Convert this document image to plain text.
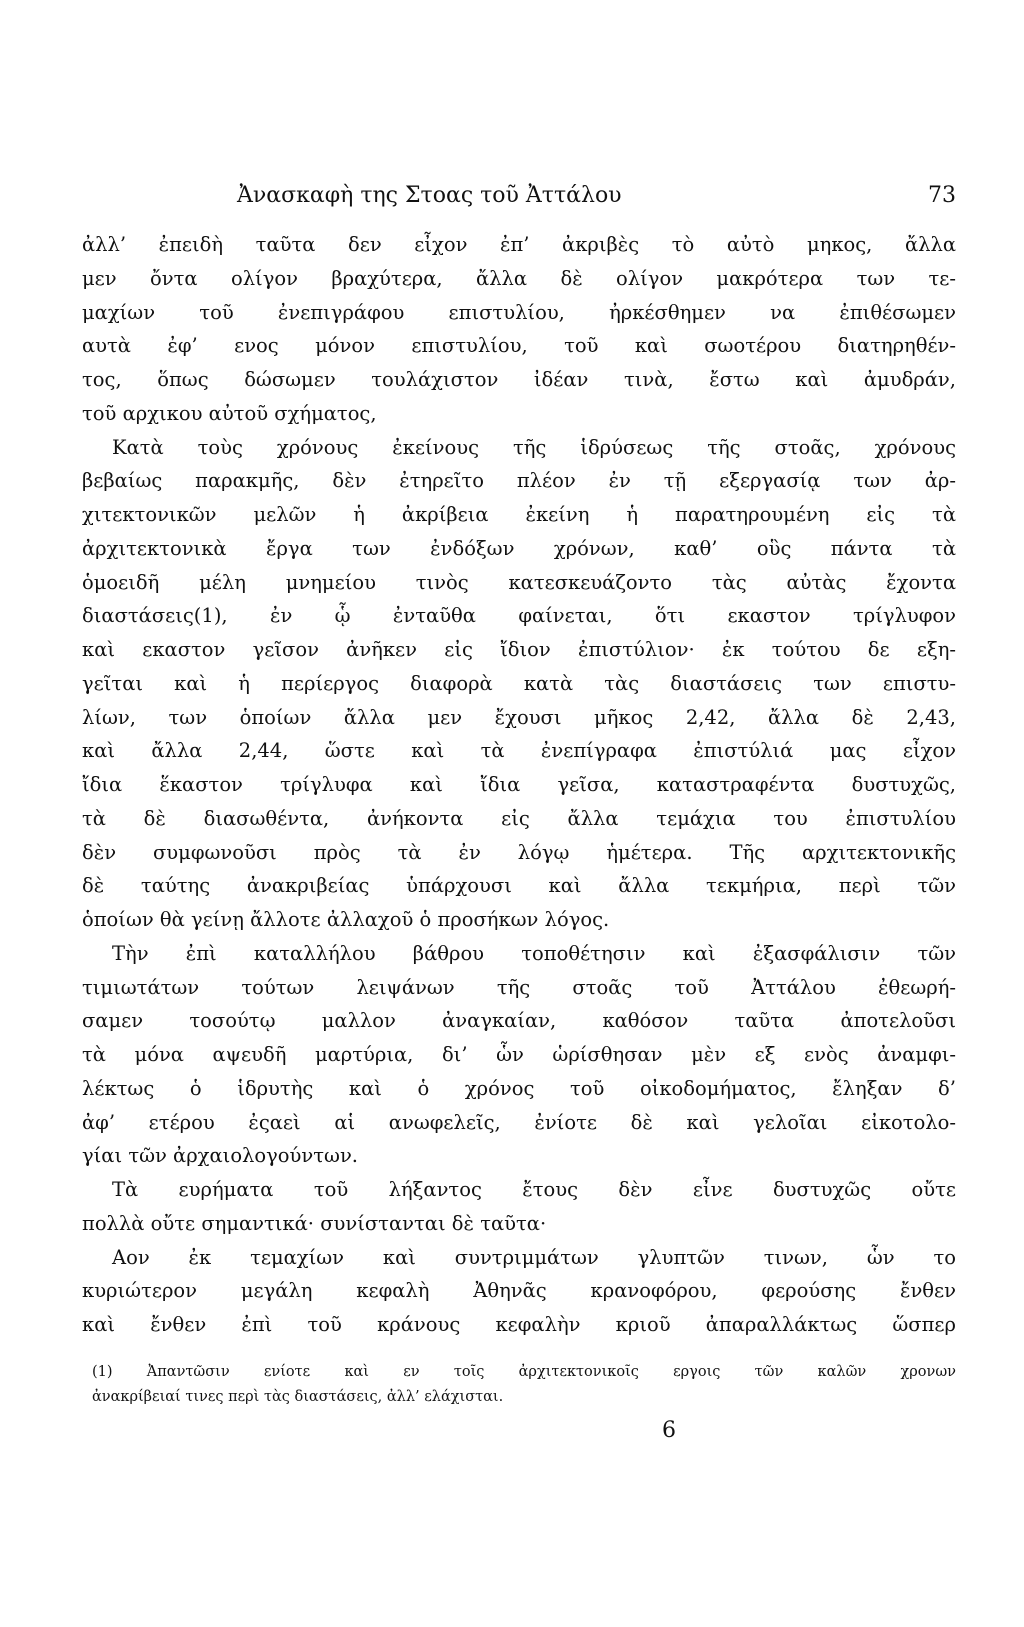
Ἀνασκαφὴ της Στοας τοῦ Ἀττάλου	73
ἀλλ’ ἐπειδὴ ταῦτα δεν εἶχον ἐπ’ ἀκριβὲς τὸ αὐτὸ μηκος, ἄλλα
μεν ὄντα ολίγον βραχύτερα, ἄλλα δὲ ολίγον μακρότερα των τε-
μαχίων τοῦ ἐνεπιγράφου επιστυλίου, ἠρκέσθημεν να ἐπιθέσωμεν
αυτὰ ἐφ’ ενος μόνον επιστυλίου, τοῦ καὶ σωοτέρου διατηρηθέν-
τος, ὅπως δώσωμεν τουλάχιστον ἰδέαν τινὰ, ἔστω καὶ ἀμυδράν,
τοῦ αρχικου αὐτοῦ σχήματος,
Κατὰ τοὺς χρόνους ἐκείνους τῆς ἱδρύσεως τῆς στοᾶς, χρόνους
βεβαίως παρακμῆς, δὲν ἐτηρεῖτο πλέον ἐν τῇ εξεργασίᾳ των ἀρ-
χιτεκτονικῶν μελῶν ἡ ἀκρίβεια ἐκείνη ἡ παρατηρουμένη εἰς τὰ
ἀρχιτεκτονικὰ ἔργα των ἐνδόξων χρόνων, καθ’ οὓς πάντα τὰ
ὁμοειδῆ μέλη μνημείου τινὸς κατεσκευάζοντο τὰς αὐτὰς ἔχοντα
διαστάσεις(1), ἐν ᾧ ἐνταῦθα φαίνεται, ὅτι εκαστον τρίγλυφον
καὶ εκαστον γεῖσον ἀνῆκεν εἰς ἴδιον ἐπιστύλιον· ἐκ τούτου δε εξη-
γεῖται καὶ ἡ περίεργος διαφορὰ κατὰ τὰς διαστάσεις των επιστυ-
λίων, των ὁποίων ἄλλα μεν ἔχουσι μῆκος 2,42, ἄλλα δὲ 2,43,
καὶ ἄλλα 2,44, ὥστε καὶ τὰ ἐνεπίγραφα ἐπιστύλιά μας εἶχον
ἴδια ἕκαστον τρίγλυφα καὶ ἴδια γεῖσα, καταστραφέντα δυστυχῶς,
τὰ δὲ διασωθέντα, ἀνήκοντα εἰς ἄλλα τεμάχια του ἐπιστυλίου
δὲν συμφωνοῦσι πρὸς τὰ ἐν λόγῳ ἡμέτερα. Τῆς αρχιτεκτονικῆς
δὲ ταύτης ἀνακριβείας ὑπάρχουσι καὶ ἄλλα τεκμήρια, περὶ τῶν
ὁποίων θὰ γείνῃ ἄλλοτε ἀλλαχοῦ ὁ προσήκων λόγος.
Τὴν ἐπὶ καταλλήλου βάθρου τοποθέτησιν καὶ ἐξασφάλισιν τῶν
τιμιωτάτων τούτων λειψάνων τῆς στοᾶς τοῦ Ἀττάλου ἐθεωρή-
σαμεν τοσούτῳ μαλλον ἀναγκαίαν, καθόσον ταῦτα ἀποτελοῦσι
τὰ μόνα αψευδῆ μαρτύρια, δι’ ὧν ὡρίσθησαν μὲν εξ ενὸς ἀναμφι-
λέκτως ὁ ἱδρυτὴς καὶ ὁ χρόνος τοῦ οἰκοδομήματος, ἔληξαν δ’
ἀφ’ ετέρου ἐςαεὶ αἱ ανωφελεῖς, ἐνίοτε δὲ καὶ γελοῖαι εἰκοτολο-
γίαι τῶν ἀρχαιολογούντων.
Τὰ ευρήματα τοῦ λήξαντος ἔτους δὲν εἶνε δυστυχῶς οὔτε
πολλὰ οὔτε σημαντικά· συνίστανται δὲ ταῦτα·
Αον ἐκ τεμαχίων καὶ συντριμμάτων γλυπτῶν τινων, ὧν το
κυριώτερον μεγάλη κεφαλὴ Ἀθηνᾶς κρανοφόρου, φερούσης ἔνθεν
καὶ ἔνθεν ἐπὶ τοῦ κράνους κεφαλὴν κριοῦ ἀπαραλλάκτως ὥσπερ
(1) Ἀπαντῶσιν ενίοτε καὶ εν τοῖς ἀρχιτεκτονικοῖς εργοις τῶν καλῶν χρονων
ἀνακρίβειαί τινες περὶ τὰς διαστάσεις, ἀλλ’ ελάχισται.
6
